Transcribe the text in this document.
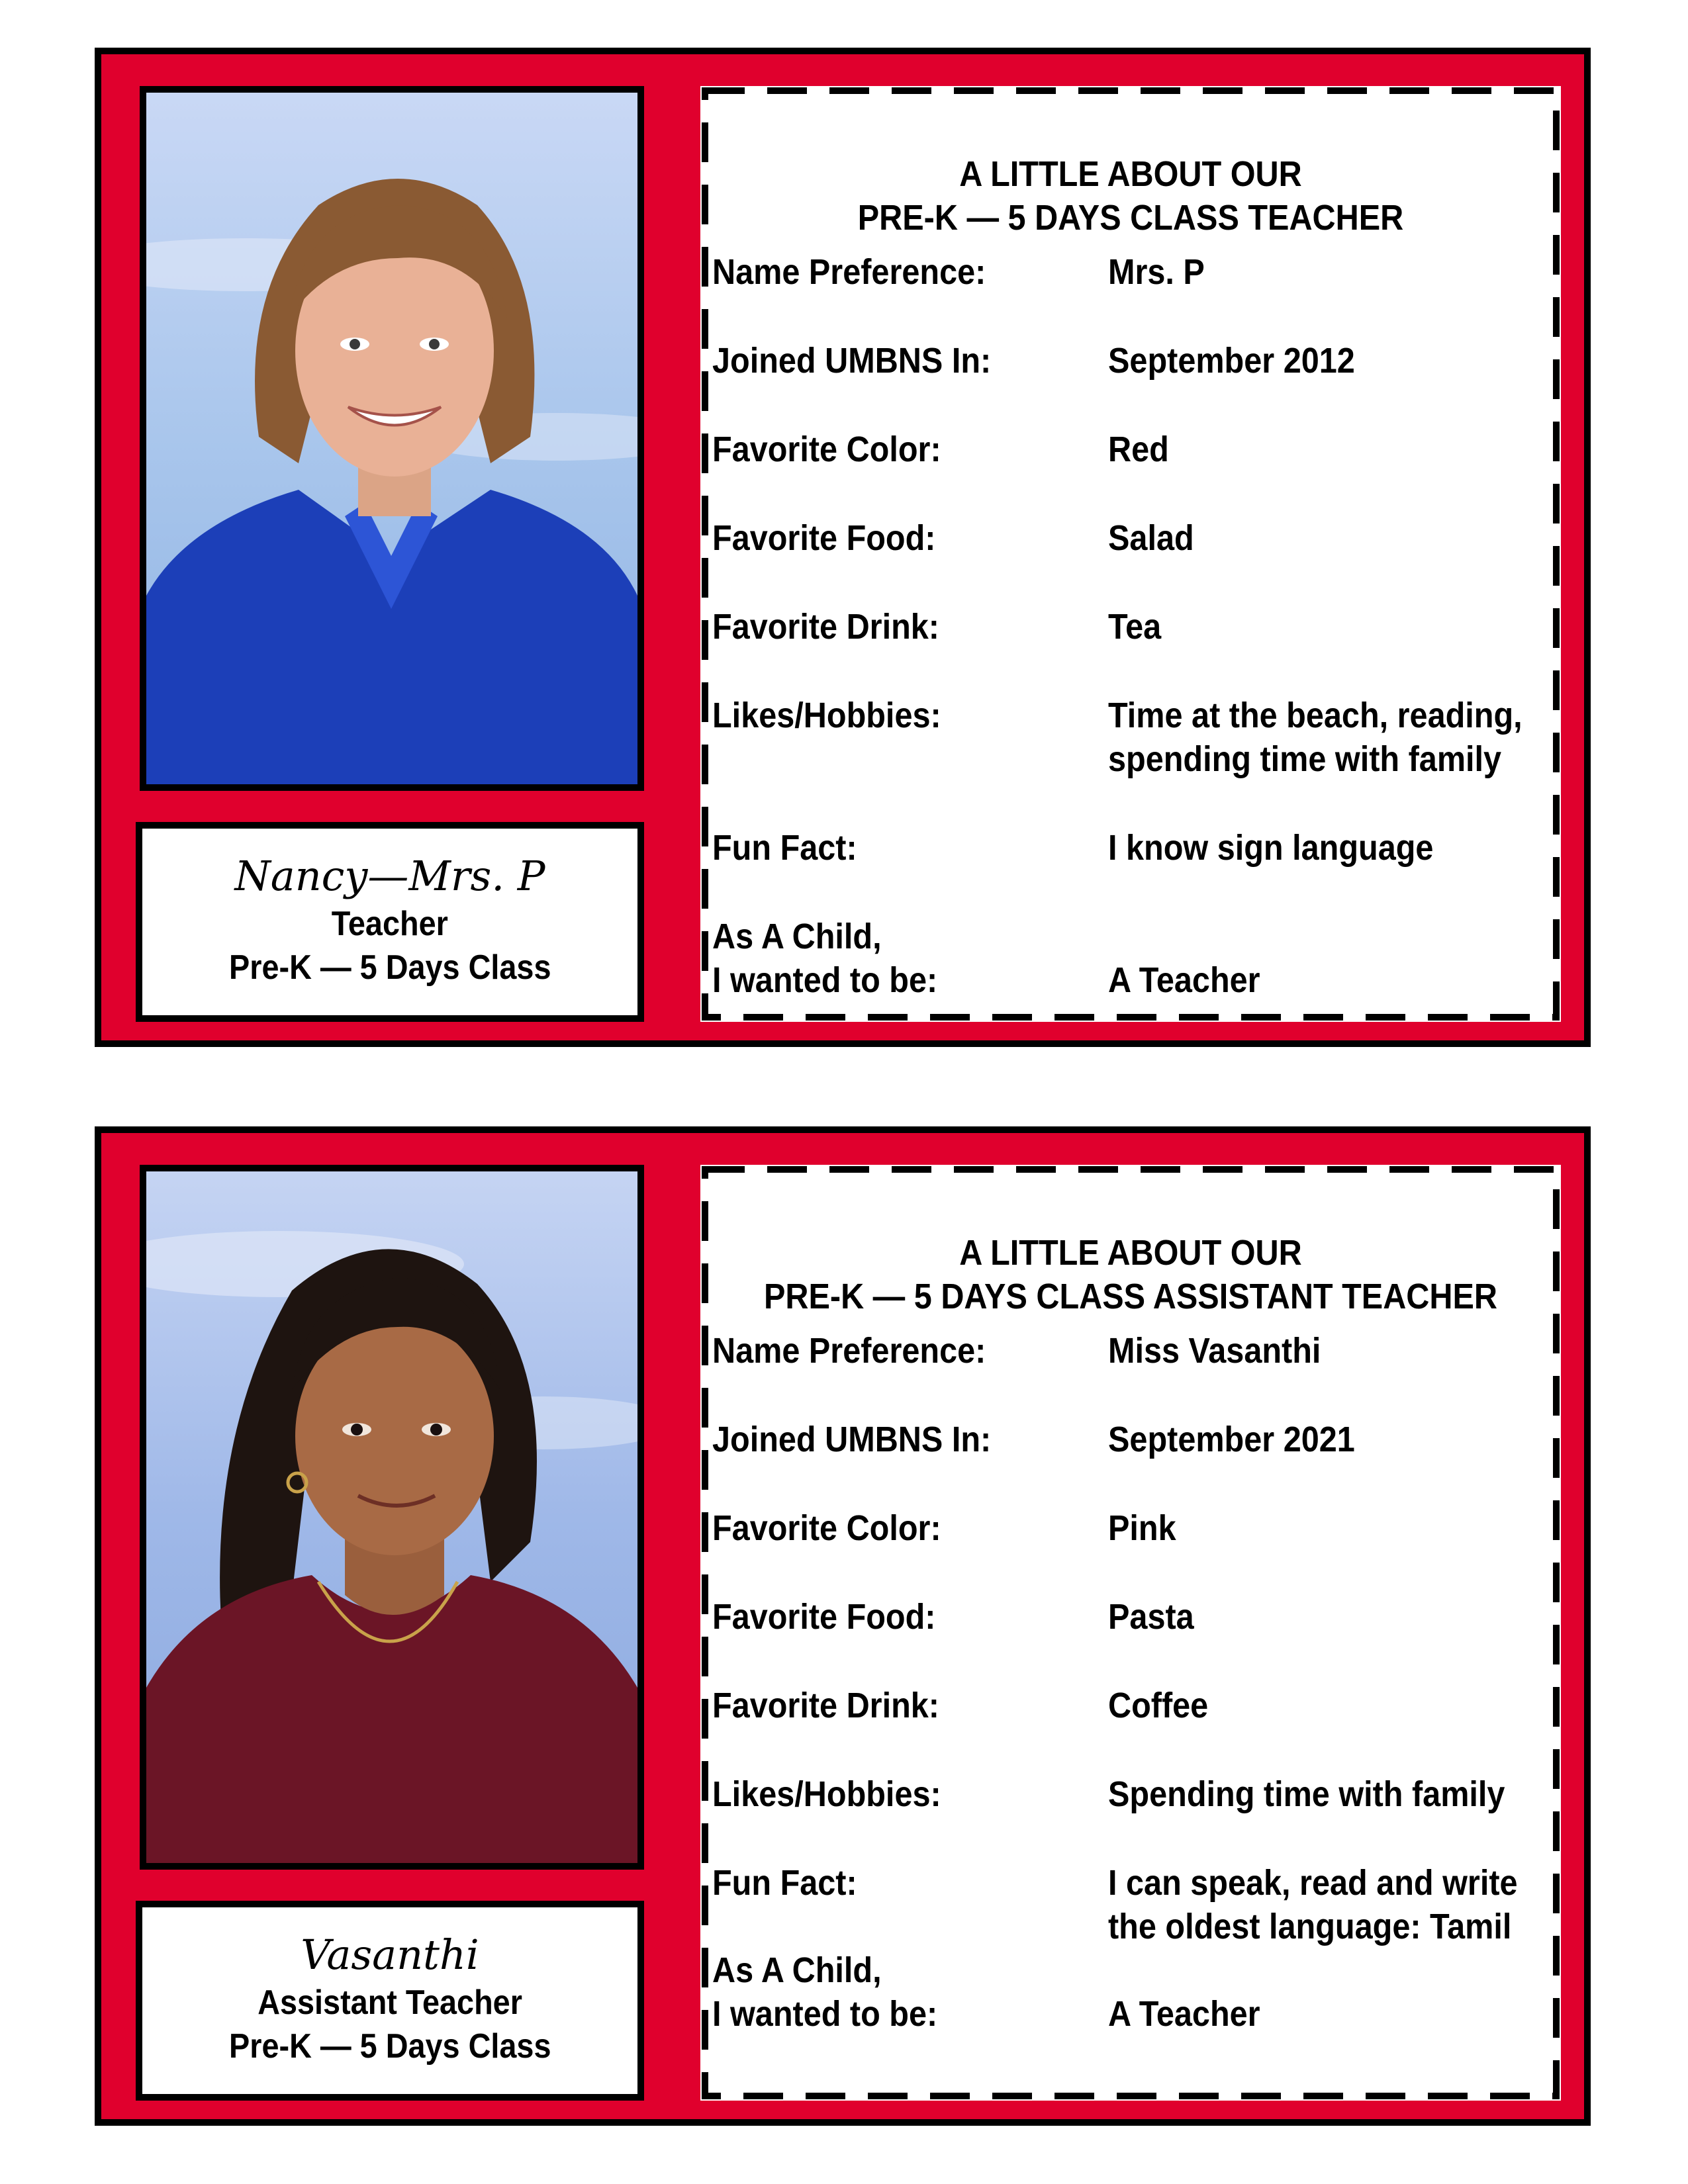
Nancy—Mrs. P
Teacher
Pre-K — 5 Days Class
A LITTLE ABOUT OUR
PRE-K — 5 DAYS CLASS TEACHER
Name Preference:	Mrs. P
Joined UMBNS In:	September 2012
Favorite Color:	Red
Favorite Food:	Salad
Favorite Drink:	Tea
Likes/Hobbies:	Time at the beach, reading,
spending time with family
Fun Fact:	I know sign language
As A Child,
I wanted to be:	A Teacher
Vasanthi
Assistant Teacher
Pre-K — 5 Days Class
A LITTLE ABOUT OUR
PRE-K — 5 DAYS CLASS ASSISTANT TEACHER
Name Preference:	Miss Vasanthi
Joined UMBNS In:	September 2021
Favorite Color:	Pink
Favorite Food:	Pasta
Favorite Drink:	Coffee
Likes/Hobbies:	Spending time with family
Fun Fact:	I can speak, read and write
the oldest language: Tamil
As A Child,
I wanted to be:	A Teacher
